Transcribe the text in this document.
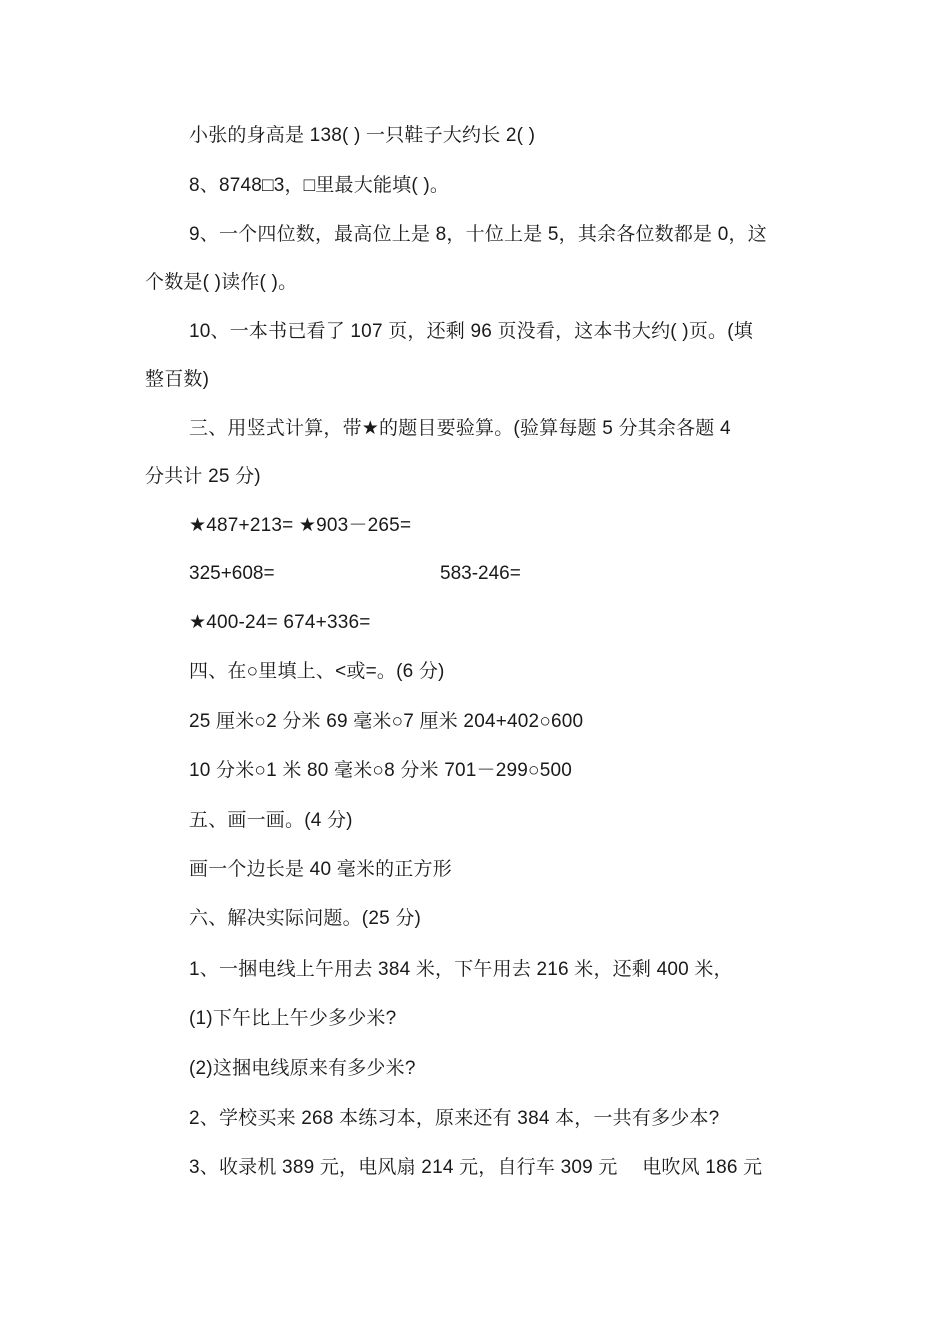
小张的身高是 138( ) 一只鞋子大约长 2( )
8、8748□3，□里最大能填( )。
9、一个四位数，最高位上是 8，十位上是 5，其余各位数都是 0，这
个数是( )读作( )。
10、一本书已看了 107 页，还剩 96 页没看，这本书大约( )页。(填
整百数)
三、用竖式计算，带★的题目要验算。(验算每题 5 分其余各题 4
分共计 25 分)
★487+213= ★903－265=
325+608=	583-246=
★400-24= 674+336=
四、在○里填上、<或=。(6 分)
25 厘米○2 分米 69 毫米○7 厘米 204+402○600
10 分米○1 米 80 毫米○8 分米 701－299○500
五、画一画。(4 分)
画一个边长是 40 毫米的正方形
六、解决实际问题。(25 分)
1、一捆电线上午用去 384 米，下午用去 216 米，还剩 400 米，
(1)下午比上午少多少米?
(2)这捆电线原来有多少米?
2、学校买来 268 本练习本，原来还有 384 本，一共有多少本?
3、收录机 389 元，电风扇 214 元，自行车 309 元　 电吹风 186 元
